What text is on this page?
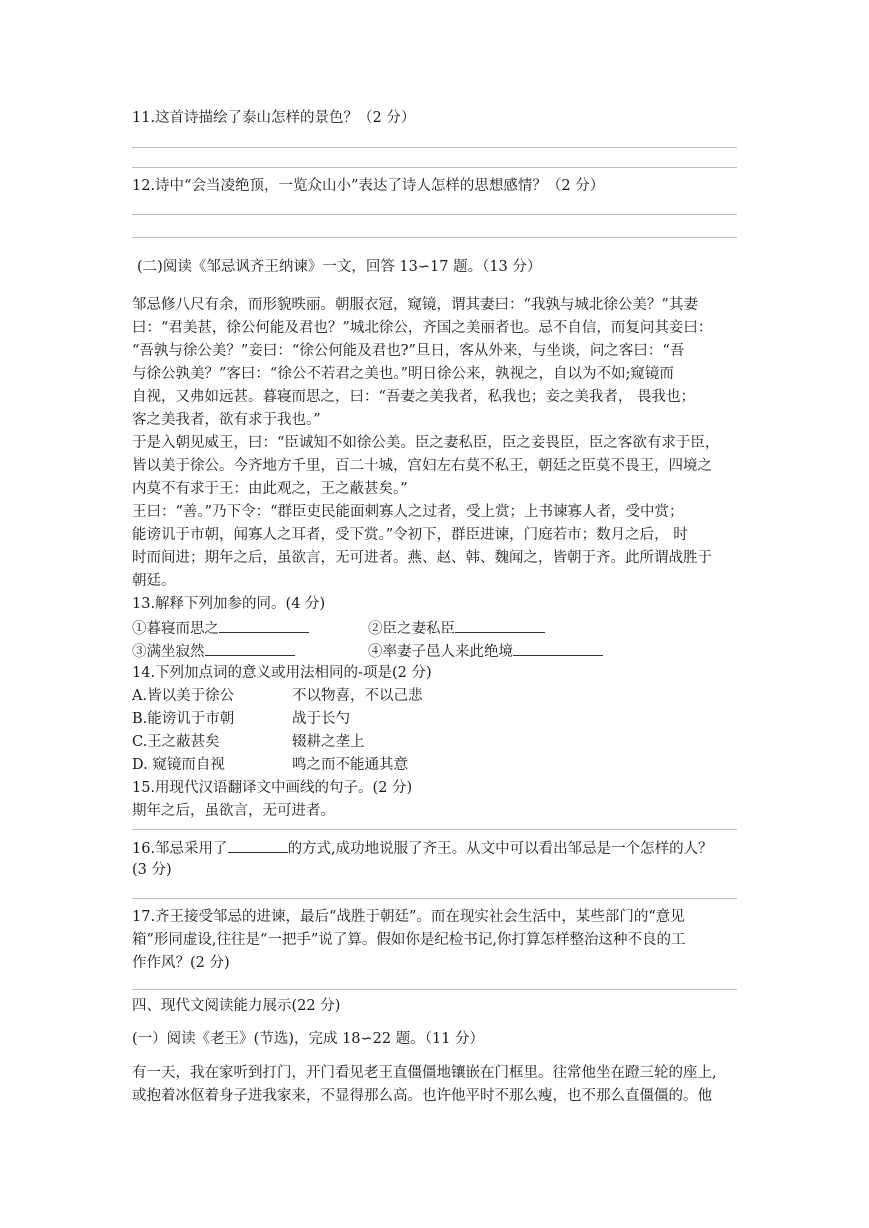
11.这首诗描绘了泰山怎样的景色？（2 分）
12.诗中“会当凌绝顶，一览众山小”表达了诗人怎样的思想感情？（2 分）
(二)阅读《邹忌讽齐王纳谏》一文，回答 13∽17 题。（13 分）
邹忌修八尺有余，而形貌昳丽。朝服衣冠，窥镜，谓其妻曰：“我孰与城北徐公美？”其妻
曰：“君美甚，徐公何能及君也？”城北徐公，齐国之美丽者也。忌不自信，而复问其妾曰：
“吾孰与徐公美？”妾曰：“徐公何能及君也?”旦日，客从外来，与坐谈，问之客曰：“吾
与徐公孰美？”客曰：“徐公不若君之美也。”明日徐公来，孰视之，自以为不如;窥镜而
自视，又弗如远甚。暮寝而思之，曰：“吾妻之美我者，私我也；妾之美我者， 畏我也；
客之美我者，欲有求于我也。”
于是入朝见威王，曰：“臣诚知不如徐公美。臣之妻私臣，臣之妾畏臣，臣之客欲有求于臣，
皆以美于徐公。今齐地方千里，百二十城，宫妇左右莫不私王，朝廷之臣莫不畏王，四境之
内莫不有求于王：由此观之，王之蔽甚矣。”
王曰：“善。”乃下令：“群臣吏民能面刺寡人之过者，受上赏；上书谏寡人者，受中赏；
能谤讥于市朝，闻寡人之耳者，受下赏。”令初下，群臣进谏，门庭若市；数月之后， 时
时而间进；期年之后，虽欲言，无可进者。燕、赵、韩、魏闻之，皆朝于齐。此所谓战胜于
朝廷。
13.解释下列加参的同。(4 分)
①暮寝而思之	②臣之妻私臣
③满坐寂然	④率妻子邑人来此绝境
14.下列加点词的意义或用法相同的-项是(2 分)
A.皆以美于徐公	不以物喜，不以己悲
B.能谤讥于市朝	战于长勺
C.王之蔽甚矣	辍耕之垄上
D. 窥镜而自视	鸣之而不能通其意
15.用现代汉语翻译文中画线的句子。(2 分)
期年之后，虽欲言，无可进者。
16.邹忌采用了	的方式,成功地说服了齐王。从文中可以看出邹忌是一个怎样的人？
(3 分)
17.齐王接受邹忌的进谏，最后“战胜于朝廷”。而在现实社会生活中，某些部门的“意见
箱”形同虚设,往往是“一把手”说了算。假如你是纪检书记,你打算怎样整治这种不良的工
作作风？(2 分)
四、现代文阅读能力展示(22 分)
(一）阅读《老王》(节选)，完成 18∽22 题。（11 分）
有一天，我在家听到打门，开门看见老王直僵僵地镶嵌在门框里。往常他坐在蹬三轮的座上,
或抱着冰伛着身子进我家来，不显得那么高。也许他平时不那么瘦，也不那么直僵僵的。他
